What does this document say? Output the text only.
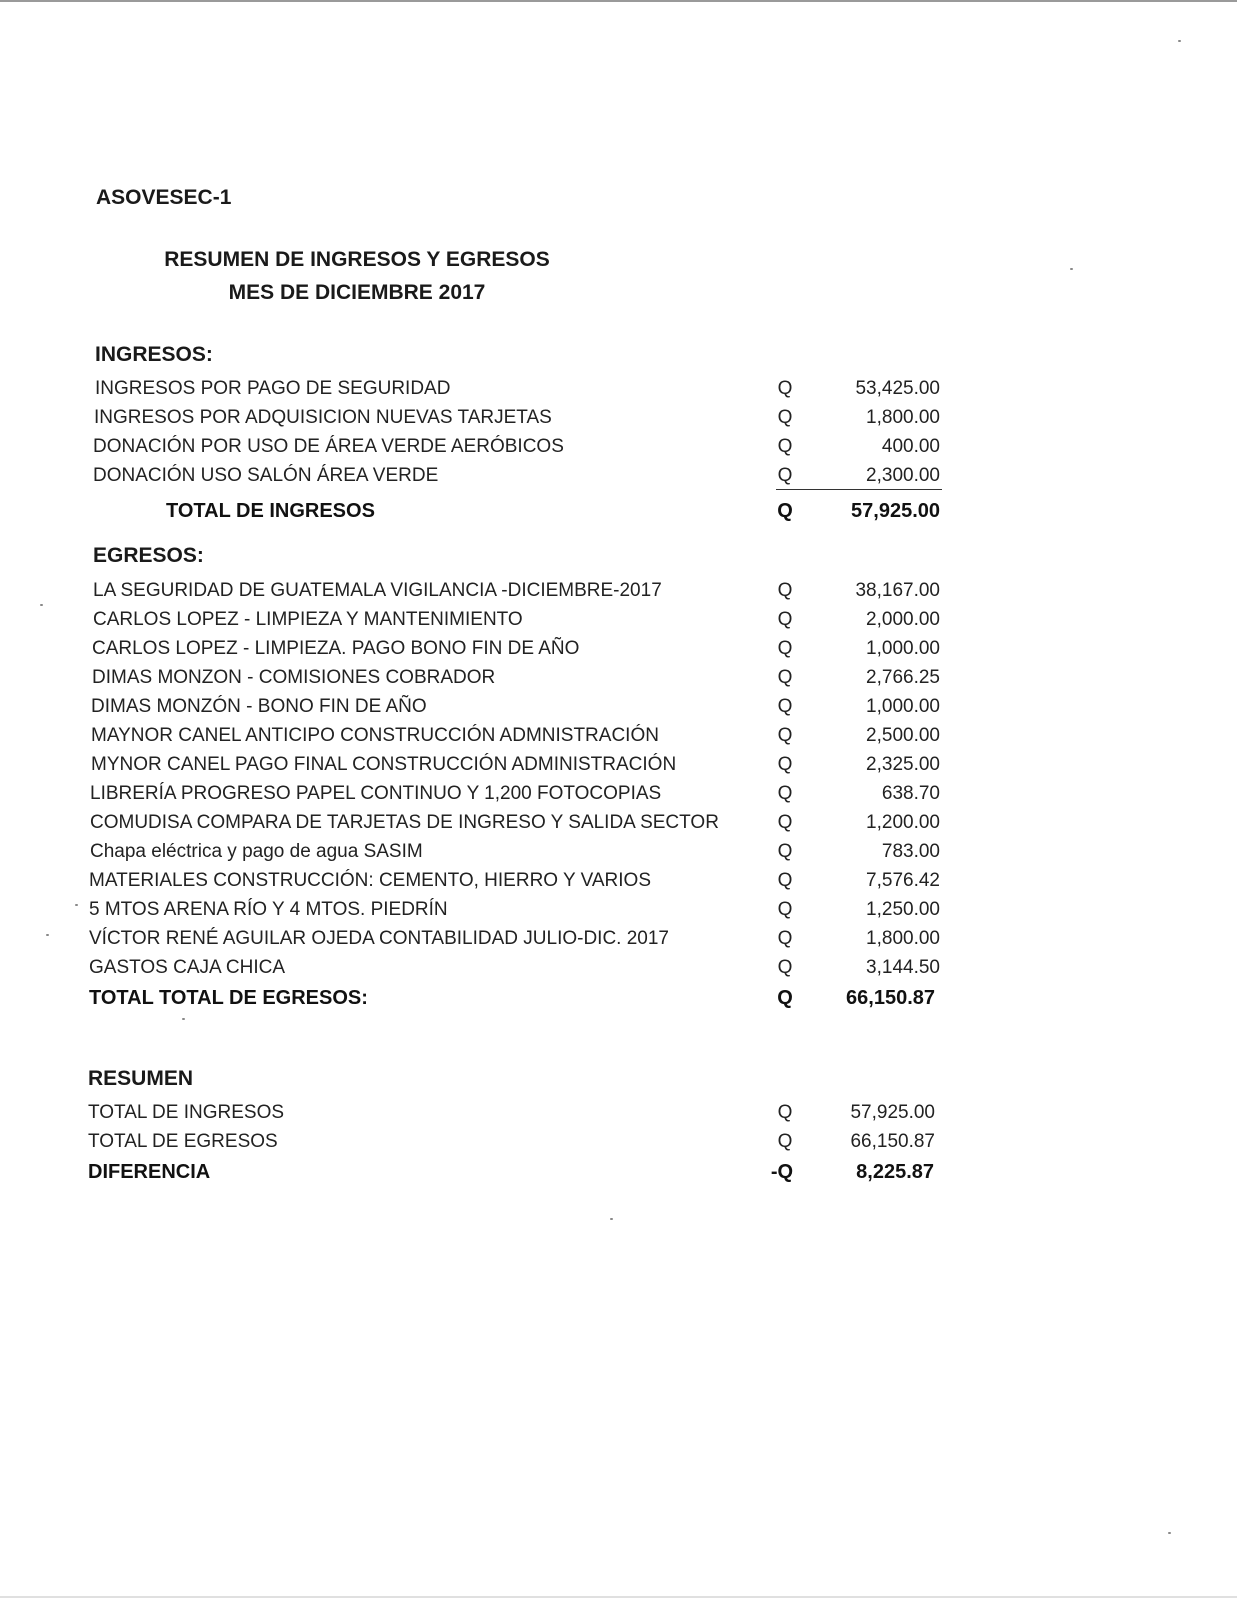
ASOVESEC-1
RESUMEN DE INGRESOS Y EGRESOS
MES DE DICIEMBRE 2017
INGRESOS:
INGRESOS POR PAGO DE SEGURIDAD	Q	53,425.00
INGRESOS POR ADQUISICION NUEVAS TARJETAS	Q	1,800.00
DONACIÓN POR USO DE ÁREA VERDE AERÓBICOS	Q	400.00
DONACIÓN USO SALÓN ÁREA VERDE	Q	2,300.00
TOTAL DE INGRESOS	Q	57,925.00
EGRESOS:
LA SEGURIDAD DE GUATEMALA VIGILANCIA -DICIEMBRE-2017	Q	38,167.00
CARLOS LOPEZ - LIMPIEZA Y MANTENIMIENTO	Q	2,000.00
CARLOS LOPEZ - LIMPIEZA. PAGO BONO FIN DE AÑO	Q	1,000.00
DIMAS MONZON - COMISIONES COBRADOR	Q	2,766.25
DIMAS MONZÓN - BONO FIN DE AÑO	Q	1,000.00
MAYNOR CANEL ANTICIPO CONSTRUCCIÓN ADMNISTRACIÓN	Q	2,500.00
MYNOR CANEL PAGO FINAL CONSTRUCCIÓN ADMINISTRACIÓN	Q	2,325.00
LIBRERÍA PROGRESO PAPEL CONTINUO Y 1,200 FOTOCOPIAS	Q	638.70
COMUDISA COMPARA DE TARJETAS DE INGRESO Y SALIDA SECTOR	Q	1,200.00
Chapa eléctrica y pago de agua SASIM	Q	783.00
MATERIALES CONSTRUCCIÓN: CEMENTO, HIERRO Y VARIOS	Q	7,576.42
5 MTOS ARENA RÍO Y 4 MTOS. PIEDRÍN	Q	1,250.00
VÍCTOR RENÉ AGUILAR OJEDA CONTABILIDAD JULIO-DIC. 2017	Q	1,800.00
GASTOS CAJA CHICA	Q	3,144.50
TOTAL TOTAL DE EGRESOS:	Q	66,150.87
RESUMEN
TOTAL DE INGRESOS	Q	57,925.00
TOTAL DE EGRESOS	Q	66,150.87
DIFERENCIA	-Q	8,225.87
